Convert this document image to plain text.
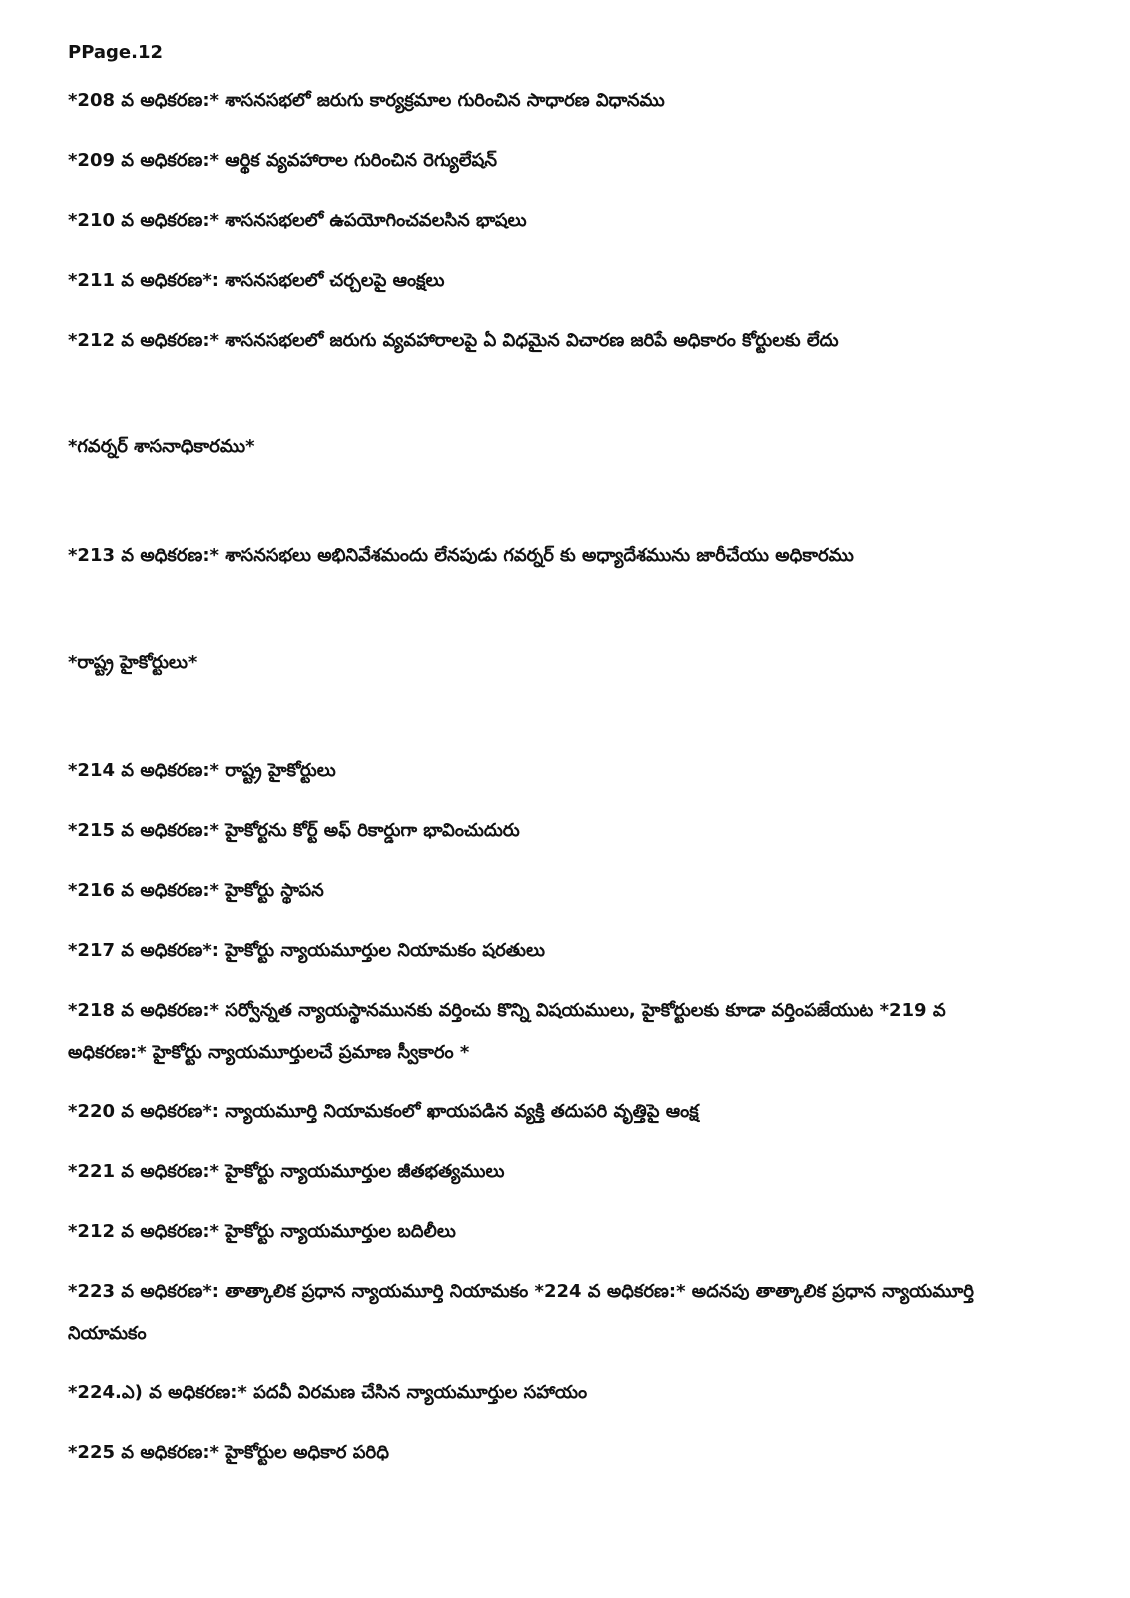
PPage.12
*208 వ అధికరణ:* శాసనసభలో జరుగు కార్యక్రమాల గురించిన సాధారణ విధానము
*209 వ అధికరణ:* ఆర్థిక వ్యవహారాల గురించిన రెగ్యులేషన్
*210 వ అధికరణ:* శాసనసభలలో ఉపయోగించవలసిన భాషలు
*211 వ అధికరణ*: శాసనసభలలో చర్చలపై ఆంక్షలు
*212 వ అధికరణ:* శాసనసభలలో జరుగు వ్యవహారాలపై ఏ విధమైన విచారణ జరిపే అధికారం కోర్టులకు లేదు
*గవర్నర్ శాసనాధికారము*
*213 వ అధికరణ:* శాసనసభలు అభినివేశమందు లేనపుడు గవర్నర్ కు అధ్యాదేశమును జారీచేయు అధికారము
*రాష్ట్ర హైకోర్టులు*
*214 వ అధికరణ:* రాష్ట్ర హైకోర్టులు
*215 వ అధికరణ:* హైకోర్టను కోర్ట్ అఫ్ రికార్డుగా భావించుదురు
*216 వ అధికరణ:* హైకోర్టు స్థాపన
*217 వ అధికరణ*: హైకోర్టు న్యాయమూర్తుల నియామకం షరతులు
*218 వ అధికరణ:* సర్వోన్నత న్యాయస్థానమునకు వర్తించు కొన్ని విషయములు, హైకోర్టులకు కూడా వర్తింపజేయుట *219 వ
అధికరణ:* హైకోర్టు న్యాయమూర్తులచే ప్రమాణ స్వీకారం *
*220 వ అధికరణ*: న్యాయమూర్తి నియామకంలో ఖాయపడిన వ్యక్తి తదుపరి వృత్తిపై ఆంక్ష
*221 వ అధికరణ:* హైకోర్టు న్యాయమూర్తుల జీతభత్యములు
*212 వ అధికరణ:* హైకోర్టు న్యాయమూర్తుల బదిలీలు
*223 వ అధికరణ*: తాత్కాలిక ప్రధాన న్యాయమూర్తి నియామకం *224 వ అధికరణ:* అదనపు తాత్కాలిక ప్రధాన న్యాయమూర్తి
నియామకం
*224.ఎ) వ అధికరణ:* పదవీ విరమణ చేసిన న్యాయమూర్తుల సహాయం
*225 వ అధికరణ:* హైకోర్టుల అధికార పరిధి
